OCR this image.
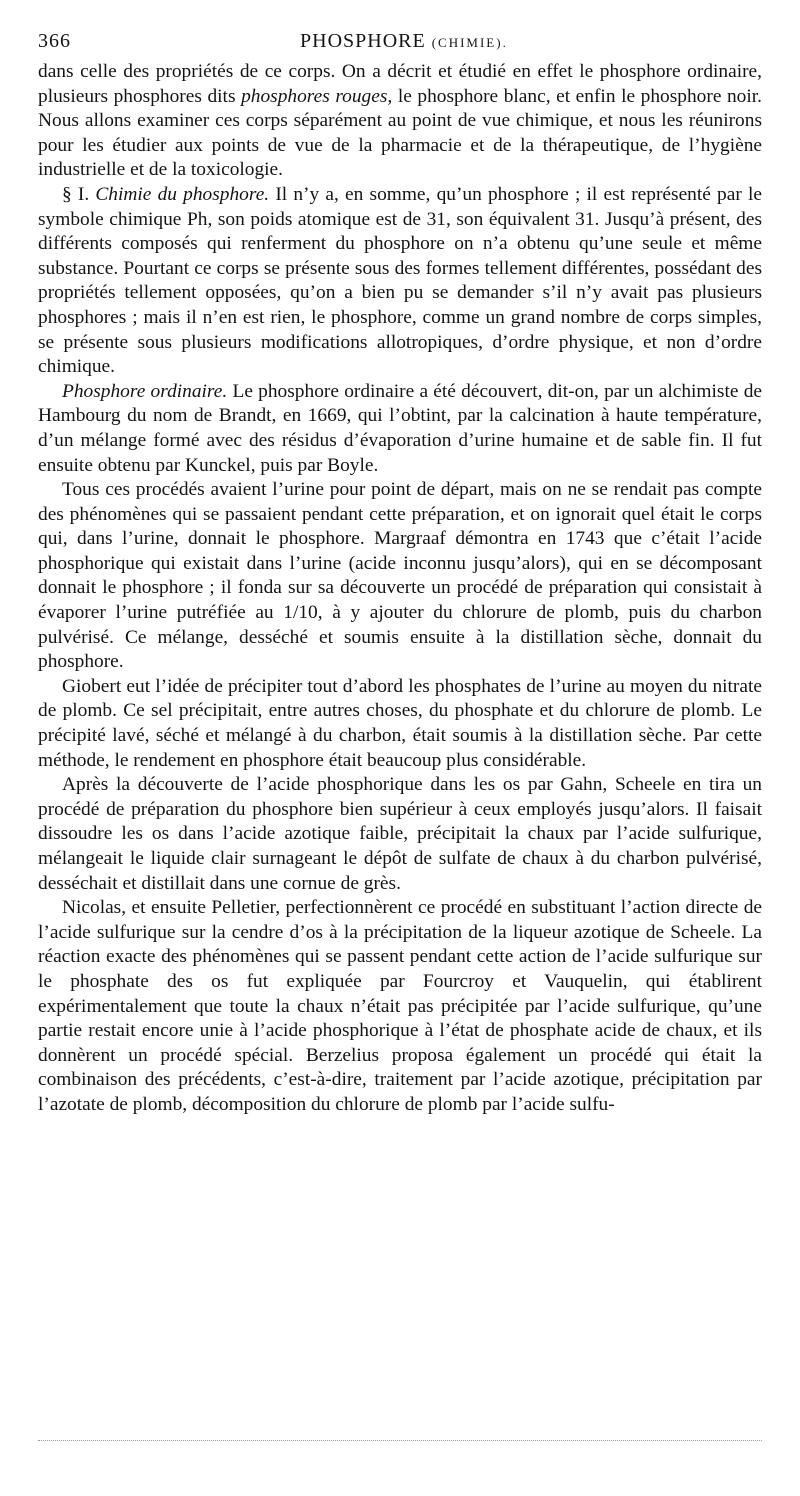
366	PHOSPHORE (CHIMIE).

dans celle des propriétés de ce corps. On a décrit et étudié en effet le phosphore ordinaire, plusieurs phosphores dits phosphores rouges, le phosphore blanc, et enfin le phosphore noir. Nous allons examiner ces corps séparément au point de vue chimique, et nous les réunirons pour les étudier aux points de vue de la pharmacie et de la thérapeutique, de l’hygiène industrielle et de la toxicologie.

§ I. Chimie du phosphore. Il n’y a, en somme, qu’un phosphore ; il est représenté par le symbole chimique Ph, son poids atomique est de 31, son équivalent 31. Jusqu’à présent, des différents composés qui renferment du phosphore on n’a obtenu qu’une seule et même substance. Pourtant ce corps se présente sous des formes tellement différentes, possédant des propriétés tellement opposées, qu’on a bien pu se demander s’il n’y avait pas plusieurs phosphores ; mais il n’en est rien, le phosphore, comme un grand nombre de corps simples, se présente sous plusieurs modifications allotropiques, d’ordre physique, et non d’ordre chimique.

Phosphore ordinaire. Le phosphore ordinaire a été découvert, dit-on, par un alchimiste de Hambourg du nom de Brandt, en 1669, qui l’obtint, par la calcination à haute température, d’un mélange formé avec des résidus d’évaporation d’urine humaine et de sable fin. Il fut ensuite obtenu par Kunckel, puis par Boyle.

Tous ces procédés avaient l’urine pour point de départ, mais on ne se rendait pas compte des phénomènes qui se passaient pendant cette préparation, et on ignorait quel était le corps qui, dans l’urine, donnait le phosphore. Margraaf démontra en 1743 que c’était l’acide phosphorique qui existait dans l’urine (acide inconnu jusqu’alors), qui en se décomposant donnait le phosphore ; il fonda sur sa découverte un procédé de préparation qui consistait à évaporer l’urine putréfiée au 1/10, à y ajouter du chlorure de plomb, puis du charbon pulvérisé. Ce mélange, desséché et soumis ensuite à la distillation sèche, donnait du phosphore.

Giobert eut l’idée de précipiter tout d’abord les phosphates de l’urine au moyen du nitrate de plomb. Ce sel précipitait, entre autres choses, du phosphate et du chlorure de plomb. Le précipité lavé, séché et mélangé à du charbon, était soumis à la distillation sèche. Par cette méthode, le rendement en phosphore était beaucoup plus considérable.

Après la découverte de l’acide phosphorique dans les os par Gahn, Scheele en tira un procédé de préparation du phosphore bien supérieur à ceux employés jusqu’alors. Il faisait dissoudre les os dans l’acide azotique faible, précipitait la chaux par l’acide sulfurique, mélangeait le liquide clair surnageant le dépôt de sulfate de chaux à du charbon pulvérisé, desséchait et distillait dans une cornue de grès.

Nicolas, et ensuite Pelletier, perfectionnèrent ce procédé en substituant l’action directe de l’acide sulfurique sur la cendre d’os à la précipitation de la liqueur azotique de Scheele. La réaction exacte des phénomènes qui se passent pendant cette action de l’acide sulfurique sur le phosphate des os fut expliquée par Fourcroy et Vauquelin, qui établirent expérimentalement que toute la chaux n’était pas précipitée par l’acide sulfurique, qu’une partie restait encore unie à l’acide phosphorique à l’état de phosphate acide de chaux, et ils donnèrent un procédé spécial. Berzelius proposa également un procédé qui était la combinaison des précédents, c’est-à-dire, traitement par l’acide azotique, précipitation par l’azotate de plomb, décomposition du chlorure de plomb par l’acide sulfu-
